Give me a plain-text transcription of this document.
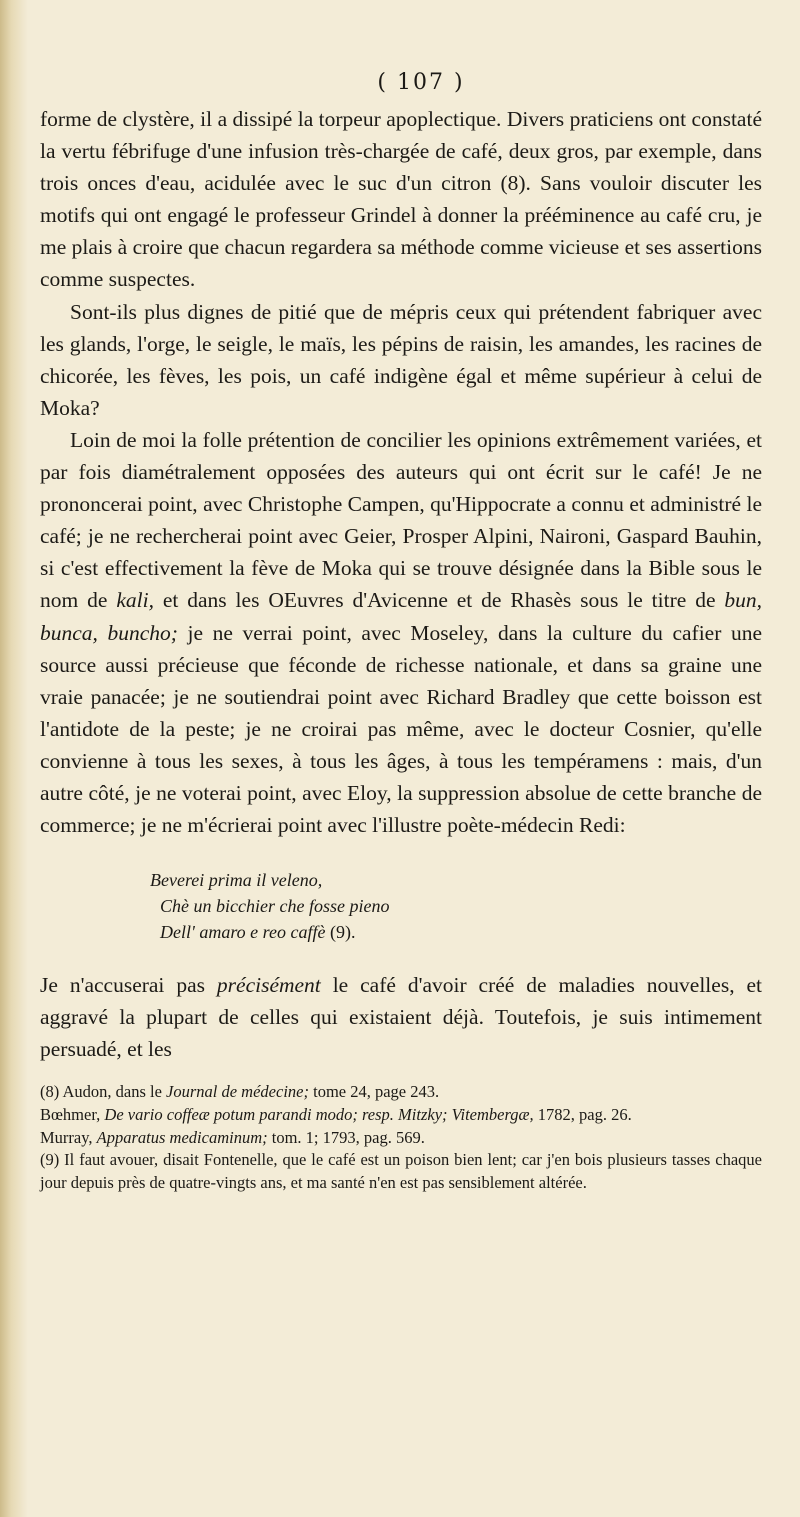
( 107 )

forme de clystère, il a dissipé la torpeur apoplectique. Divers praticiens ont constaté la vertu fébrifuge d'une infusion très-chargée de café, deux gros, par exemple, dans trois onces d'eau, acidulée avec le suc d'un citron (8). Sans vouloir discuter les motifs qui ont engagé le professeur Grindel à donner la prééminence au café cru, je me plais à croire que chacun regardera sa méthode comme vicieuse et ses assertions comme suspectes.

Sont-ils plus dignes de pitié que de mépris ceux qui prétendent fabriquer avec les glands, l'orge, le seigle, le maïs, les pépins de raisin, les amandes, les racines de chicorée, les fèves, les pois, un café indigène égal et même supérieur à celui de Moka?

Loin de moi la folle prétention de concilier les opinions extrêmement variées, et par fois diamétralement opposées des auteurs qui ont écrit sur le café! Je ne prononcerai point, avec Christophe Campen, qu'Hippocrate a connu et administré le café; je ne rechercherai point avec Geier, Prosper Alpini, Naironi, Gaspard Bauhin, si c'est effectivement la fève de Moka qui se trouve désignée dans la Bible sous le nom de kali, et dans les OEuvres d'Avicenne et de Rhasès sous le titre de bun, bunca, buncho; je ne verrai point, avec Moseley, dans la culture du cafier une source aussi précieuse que féconde de richesse nationale, et dans sa graine une vraie panacée; je ne soutiendrai point avec Richard Bradley que cette boisson est l'antidote de la peste; je ne croirai pas même, avec le docteur Cosnier, qu'elle convienne à tous les sexes, à tous les âges, à tous les tempéramens : mais, d'un autre côté, je ne voterai point, avec Eloy, la suppression absolue de cette branche de commerce; je ne m'écrierai point avec l'illustre poète-médecin Redi:

Beverei prima il veleno,
Chè un bicchier che fosse pieno
Dell' amaro e reo caffè (9).

Je n'accuserai pas précisément le café d'avoir créé de maladies nouvelles, et aggravé la plupart de celles qui existaient déjà. Toutefois, je suis intimement persuadé, et les

(8) Audon, dans le Journal de médecine; tome 24, page 243.

Bœhmer, De vario coffeæ potum parandi modo; resp. Mitzky; Vitembergæ, 1782, pag. 26.

Murray, Apparatus medicaminum; tom. 1; 1793, pag. 569.

(9) Il faut avouer, disait Fontenelle, que le café est un poison bien lent; car j'en bois plusieurs tasses chaque jour depuis près de quatre-vingts ans, et ma santé n'en est pas sensiblement altérée.
